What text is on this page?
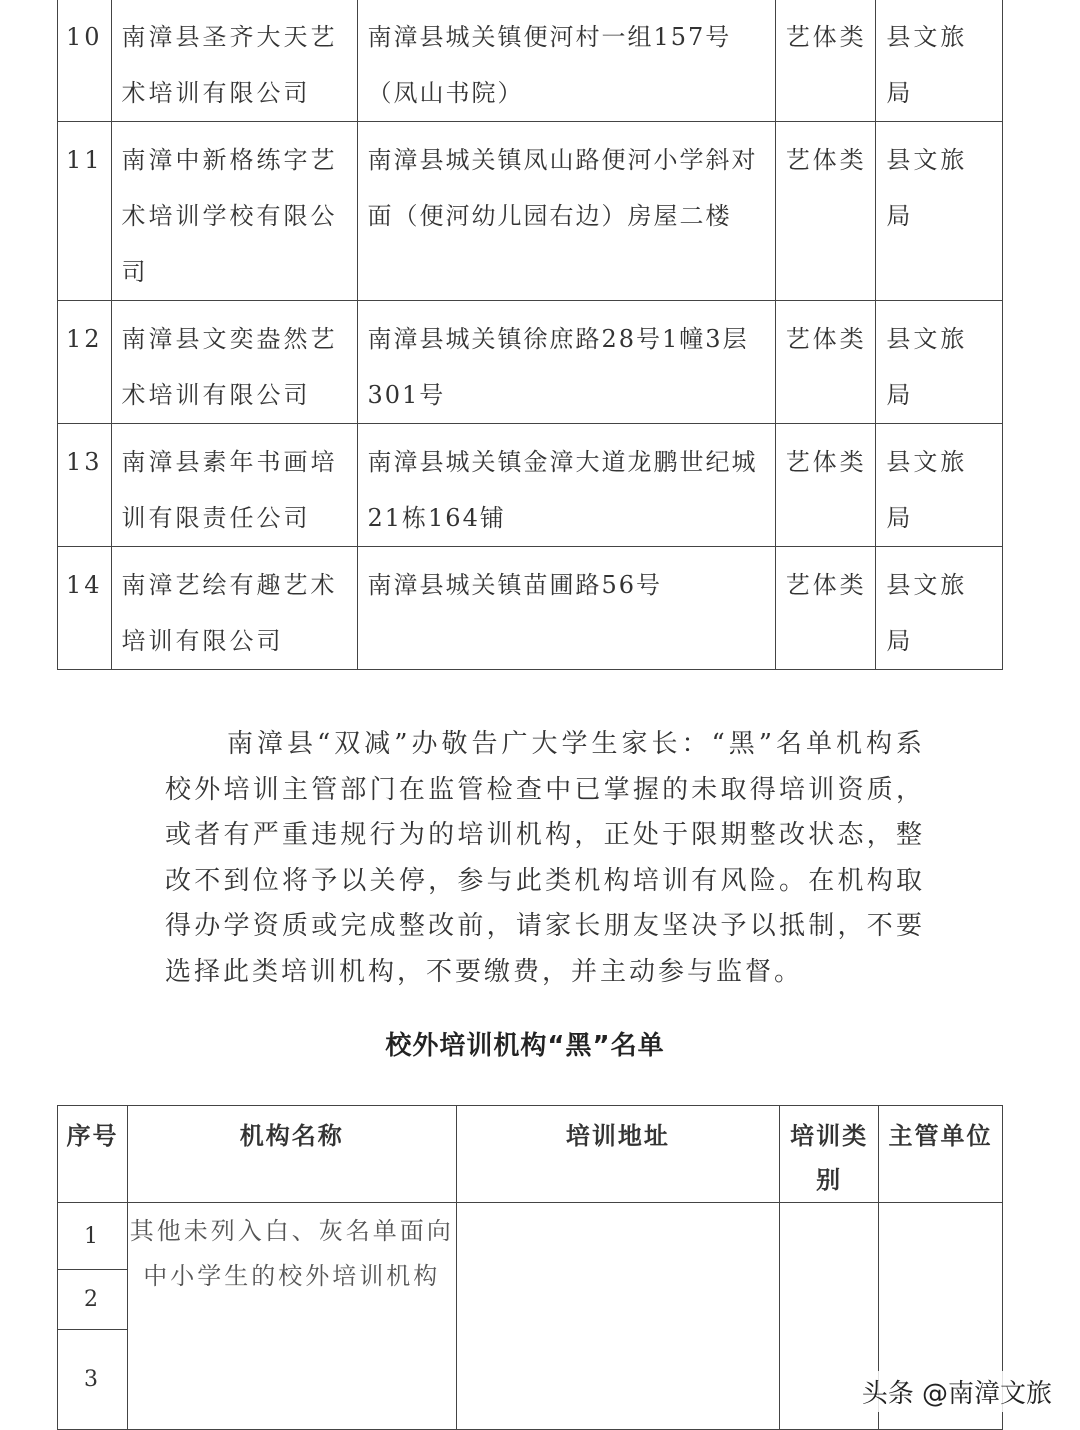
10	南漳县圣齐大天艺术培训有限公司	南漳县城关镇便河村一组157号（凤山书院）	艺体类	县文旅局
11	南漳中新格练字艺术培训学校有限公司	南漳县城关镇凤山路便河小学斜对面（便河幼儿园右边）房屋二楼	艺体类	县文旅局
12	南漳县文奕盎然艺术培训有限公司	南漳县城关镇徐庶路28号1幢3层301号	艺体类	县文旅局
13	南漳县素年书画培训有限责任公司	南漳县城关镇金漳大道龙鹏世纪城21栋164铺	艺体类	县文旅局
14	南漳艺绘有趣艺术培训有限公司	南漳县城关镇苗圃路56号	艺体类	县文旅局

南漳县“双减”办敬告广大学生家长：“黑”名单机构系校外培训主管部门在监管检查中已掌握的未取得培训资质，或者有严重违规行为的培训机构，正处于限期整改状态，整改不到位将予以关停，参与此类机构培训有风险。在机构取得办学资质或完成整改前，请家长朋友坚决予以抵制，不要选择此类培训机构，不要缴费，并主动参与监督。

校外培训机构“黑”名单
序号	机构名称	培训地址	培训类别	主管单位
1	其他未列入白、灰名单面向中小学生的校外培训机构			
2				
3					头条 @南漳文旅
